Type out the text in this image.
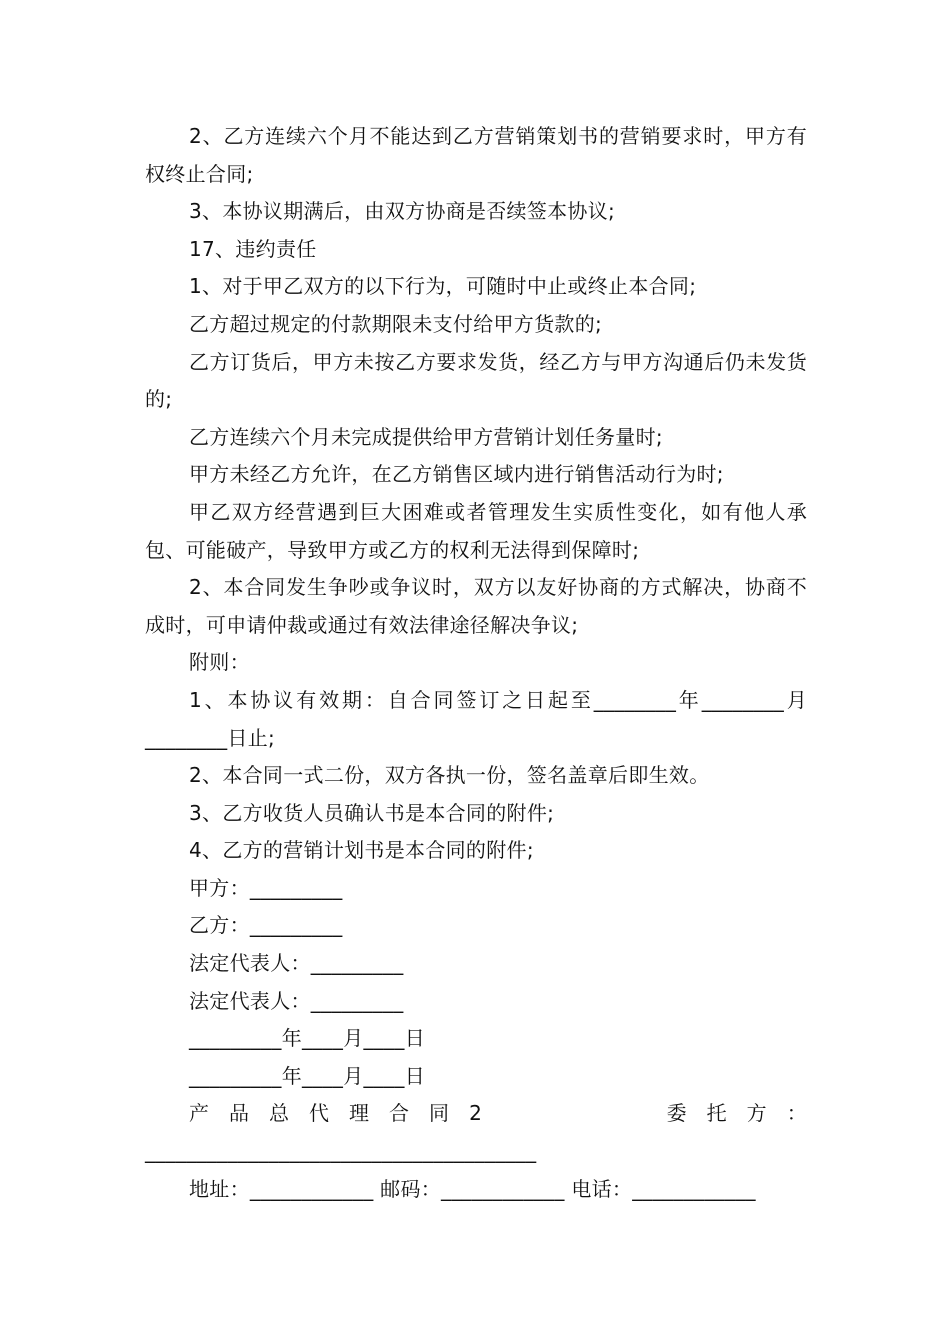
2、乙方连续六个月不能达到乙方营销策划书的营销要求时，甲方有权终止合同;

3、本协议期满后，由双方协商是否续签本协议;

17、违约责任

1、对于甲乙双方的以下行为，可随时中止或终止本合同;

乙方超过规定的付款期限未支付给甲方货款的;

乙方订货后，甲方未按乙方要求发货，经乙方与甲方沟通后仍未发货的;

乙方连续六个月未完成提供给甲方营销计划任务量时;

甲方未经乙方允许，在乙方销售区域内进行销售活动行为时;

甲乙双方经营遇到巨大困难或者管理发生实质性变化，如有他人承包、可能破产，导致甲方或乙方的权利无法得到保障时;

2、本合同发生争吵或争议时，双方以友好协商的方式解决，协商不成时，可申请仲裁或通过有效法律途径解决争议;

附则：

1、本协议有效期：自合同签订之日起至________年________月________日止;

2、本合同一式二份，双方各执一份，签名盖章后即生效。

3、乙方收货人员确认书是本合同的附件;

4、乙方的营销计划书是本合同的附件;

甲方：_________

乙方：_________

法定代表人：_________

法定代表人：_________

_________年____月____日

_________年____月____日

产品总代理合同2       委托方：______________________________________

地址：____________ 邮码：____________ 电话：____________
